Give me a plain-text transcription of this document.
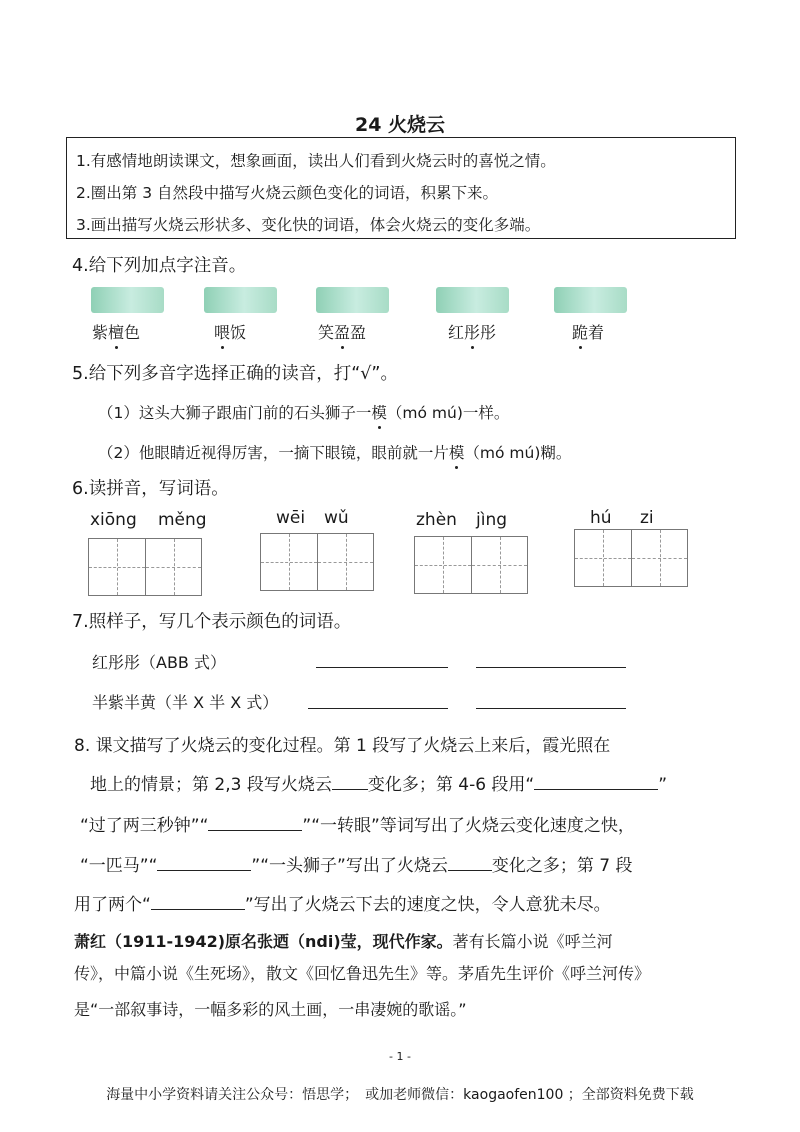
24 火烧云
1.有感情地朗读课文，想象画面，读出人们看到火烧云时的喜悦之情。
2.圈出第 3 自然段中描写火烧云颜色变化的词语，积累下来。
3.画出描写火烧云形状多、变化快的词语，体会火烧云的变化多端。
4.给下列加点字注音。
紫檀色	喂饭	笑盈盈	红彤彤	跪着
5.给下列多音字选择正确的读音，打“√”。
（1）这头大狮子跟庙门前的石头狮子一模（mó mú)一样。
（2）他眼睛近视得厉害，一摘下眼镜，眼前就一片模（mó mú)糊。
6.读拼音，写词语。
xiōng měng	wēi wǔ	zhèn jìng	hú zi
7.照样子，写几个表示颜色的词语。
红彤彤（ABB 式）
半紫半黄（半 X 半 X 式）
8. 课文描写了火烧云的变化过程。第 1 段写了火烧云上来后，霞光照在
地上的情景；第 2,3 段写火烧云 变化多；第 4-6 段用“	”
“过了两三秒钟”“	”“一转眼”等词写出了火烧云变化速度之快，
“一匹马”“	”“一头狮子”写出了火烧云	变化之多；第 7 段
用了两个“	”写出了火烧云下去的速度之快，令人意犹未尽。
萧红（1911-1942)原名张迺（ndi)莹，现代作家。著有长篇小说《呼兰河
传》，中篇小说《生死场》，散文《回忆鲁迅先生》等。茅盾先生评价《呼兰河传》
是“一部叙事诗，一幅多彩的风土画，一串凄婉的歌谣。”
- 1 -
海量中小学资料请关注公众号：悟思学；　或加老师微信：kaogaofen100 ；全部资料免费下载
